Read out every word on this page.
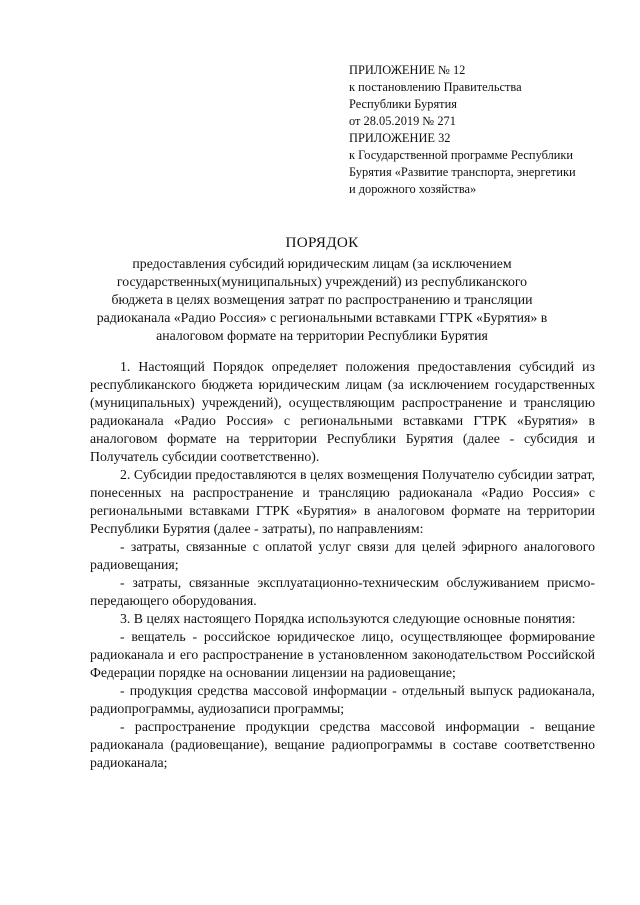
ПРИЛОЖЕНИЕ № 12
к постановлению Правительства
Республики Бурятия
от 28.05.2019 № 271
ПРИЛОЖЕНИЕ 32
к Государственной программе Республики
Бурятия «Развитие транспорта, энергетики
и дорожного хозяйства»
ПОРЯДОК
предоставления субсидий юридическим лицам (за исключением
государственных(муниципальных) учреждений) из республиканского
бюджета в целях возмещения затрат по распространению и трансляции
радиоканала «Радио Россия» с региональными вставками ГТРК «Бурятия» в
аналоговом формате на территории Республики Бурятия

1. Настоящий Порядок определяет положения предоставления субсидий из республиканского бюджета юридическим лицам (за исключением государственных (муниципальных) учреждений), осуществляющим распространение и трансляцию радиоканала «Радио Россия» с региональными вставками ГТРК «Бурятия» в аналоговом формате на территории Республики Бурятия (далее - субсидия и Получатель субсидии соответственно).

2. Субсидии предоставляются в целях возмещения Получателю субсидии затрат, понесенных на распространение и трансляцию радиоканала «Радио Россия» с региональными вставками ГТРК «Бурятия» в аналоговом формате на территории Республики Бурятия (далее - затраты), по направлениям:

- затраты, связанные с оплатой услуг связи для целей эфирного аналогового радиовещания;

- затраты, связанные эксплуатационно-техническим обслуживанием присмо-передающего оборудования.

3. В целях настоящего Порядка используются следующие основные понятия:

- вещатель - российское юридическое лицо, осуществляющее формирование радиоканала и его распространение в установленном законодательством Российской Федерации порядке на основании лицензии на радиовещание;

- продукция средства массовой информации - отдельный выпуск радиоканала, радиопрограммы, аудиозаписи программы;

- распространение продукции средства массовой информации - вещание радиоканала (радиовещание), вещание радиопрограммы в составе соответственно радиоканала;
